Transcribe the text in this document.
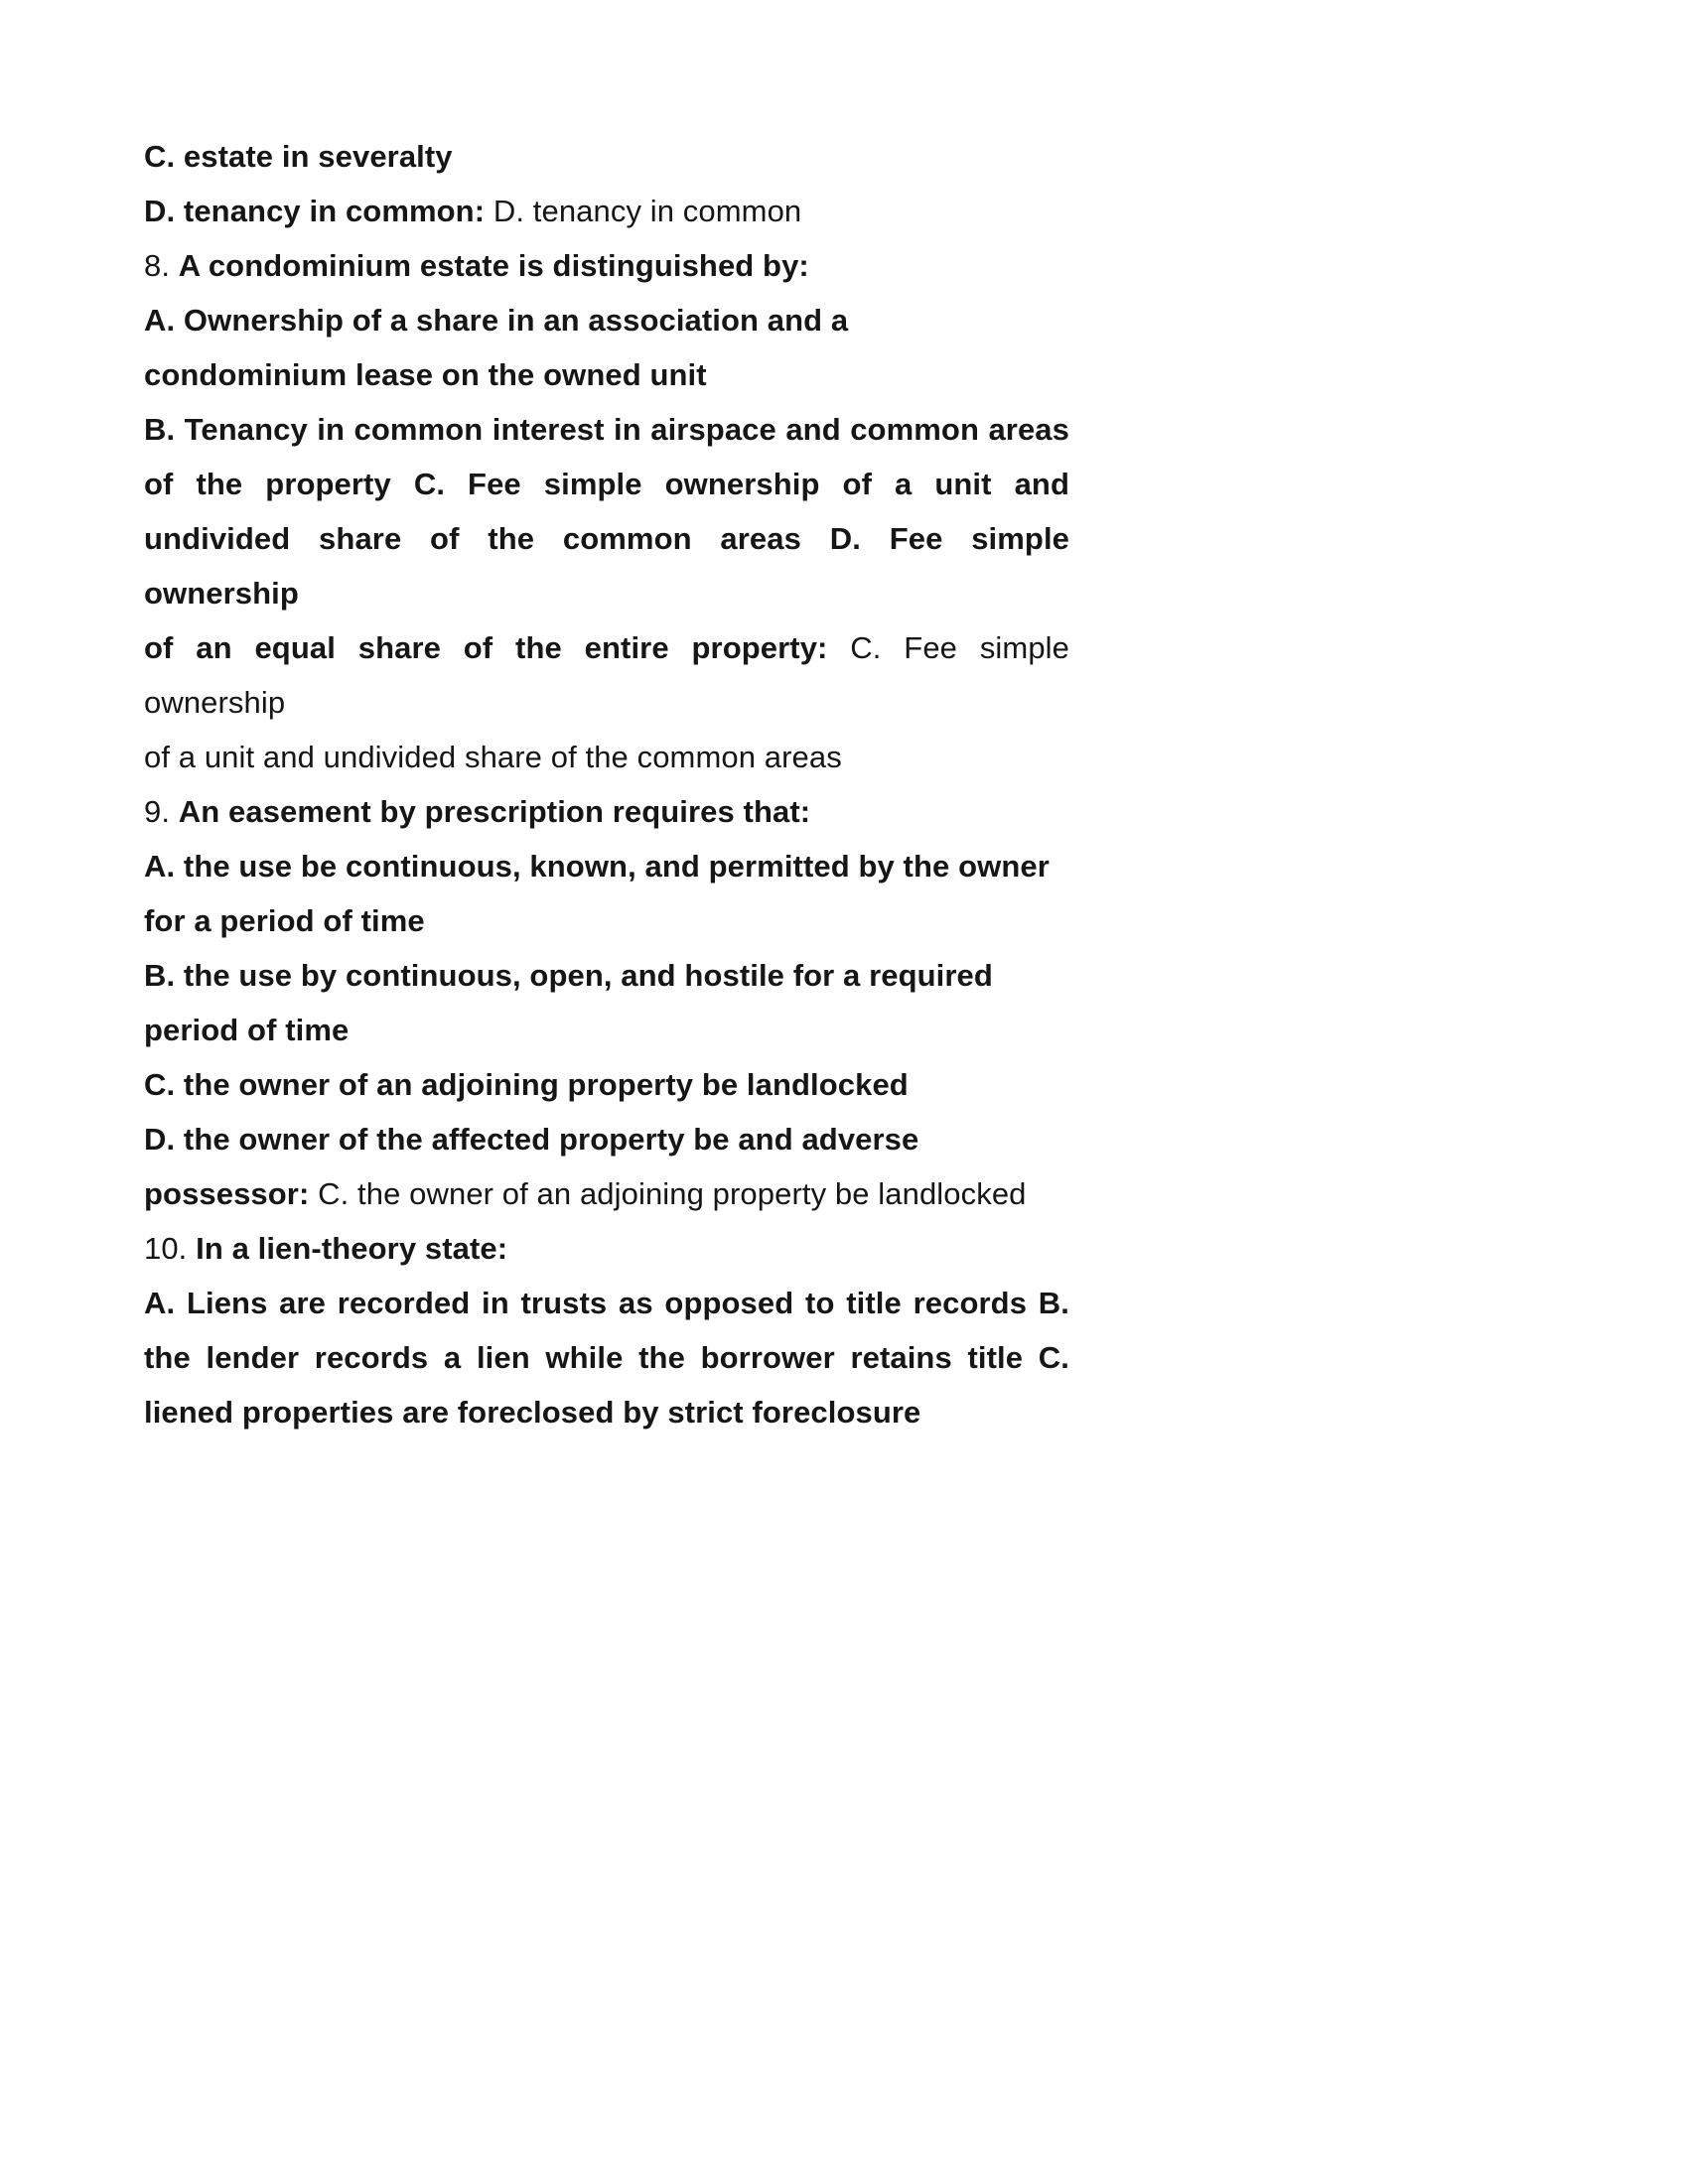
C. estate in severalty
D. tenancy in common: D. tenancy in common
8. A condominium estate is distinguished by:
A. Ownership of a share in an association and a
condominium lease on the owned unit
B. Tenancy in common interest in airspace and common areas
of the property C. Fee simple ownership of a unit and
undivided share of the common areas D. Fee simple ownership
of an equal share of the entire property: C. Fee simple ownership
of a unit and undivided share of the common areas
9. An easement by prescription requires that:
A. the use be continuous, known, and permitted by the owner
for a period of time
B. the use by continuous, open, and hostile for a required
period of time
C. the owner of an adjoining property be landlocked
D. the owner of the affected property be and adverse
possessor: C. the owner of an adjoining property be landlocked
10. In a lien-theory state:
A. Liens are recorded in trusts as opposed to title records B.
the lender records a lien while the borrower retains title C.
liened properties are foreclosed by strict foreclosure
